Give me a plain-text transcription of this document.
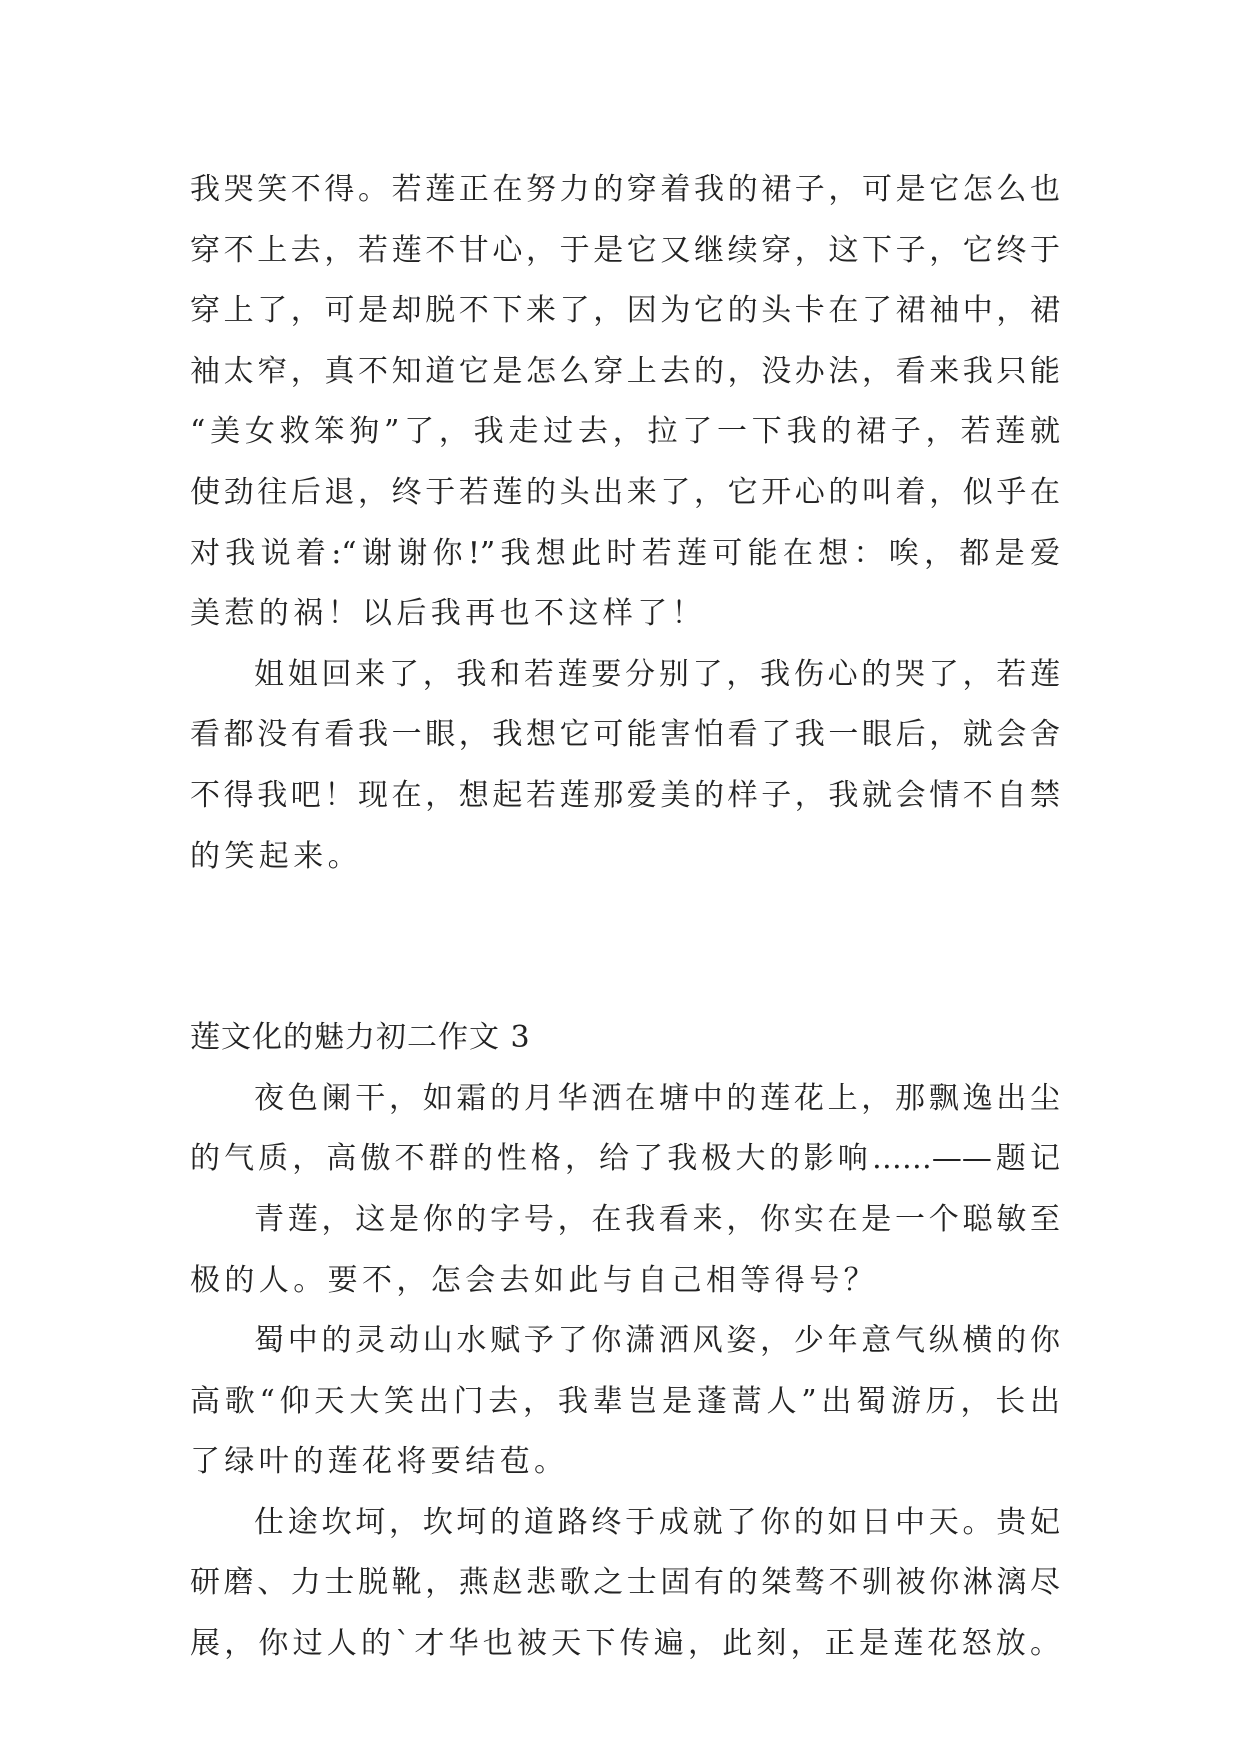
我哭笑不得。若莲正在努力的穿着我的裙子，可是它怎么也

穿不上去，若莲不甘心，于是它又继续穿，这下子，它终于

穿上了，可是却脱不下来了，因为它的头卡在了裙袖中，裙

袖太窄，真不知道它是怎么穿上去的，没办法，看来我只能

“美女救笨狗”了，我走过去，拉了一下我的裙子，若莲就

使劲往后退，终于若莲的头出来了，它开心的叫着，似乎在

对我说着:“谢谢你!”我想此时若莲可能在想：唉，都是爱

美惹的祸！以后我再也不这样了！

姐姐回来了，我和若莲要分别了，我伤心的哭了，若莲

看都没有看我一眼，我想它可能害怕看了我一眼后，就会舍

不得我吧！现在，想起若莲那爱美的样子，我就会情不自禁

的笑起来。

莲文化的魅力初二作文 3

夜色阑干，如霜的月华洒在塘中的莲花上，那飘逸出尘

的气质，高傲不群的性格，给了我极大的影响……——题记

青莲，这是你的字号，在我看来，你实在是一个聪敏至

极的人。要不，怎会去如此与自己相等得号？

蜀中的灵动山水赋予了你潇洒风姿，少年意气纵横的你

高歌“仰天大笑出门去，我辈岂是蓬蒿人”出蜀游历，长出

了绿叶的莲花将要结苞。

仕途坎坷，坎坷的道路终于成就了你的如日中天。贵妃

研磨、力士脱靴，燕赵悲歌之士固有的桀骜不驯被你淋漓尽

展，你过人的`才华也被天下传遍，此刻，正是莲花怒放。
